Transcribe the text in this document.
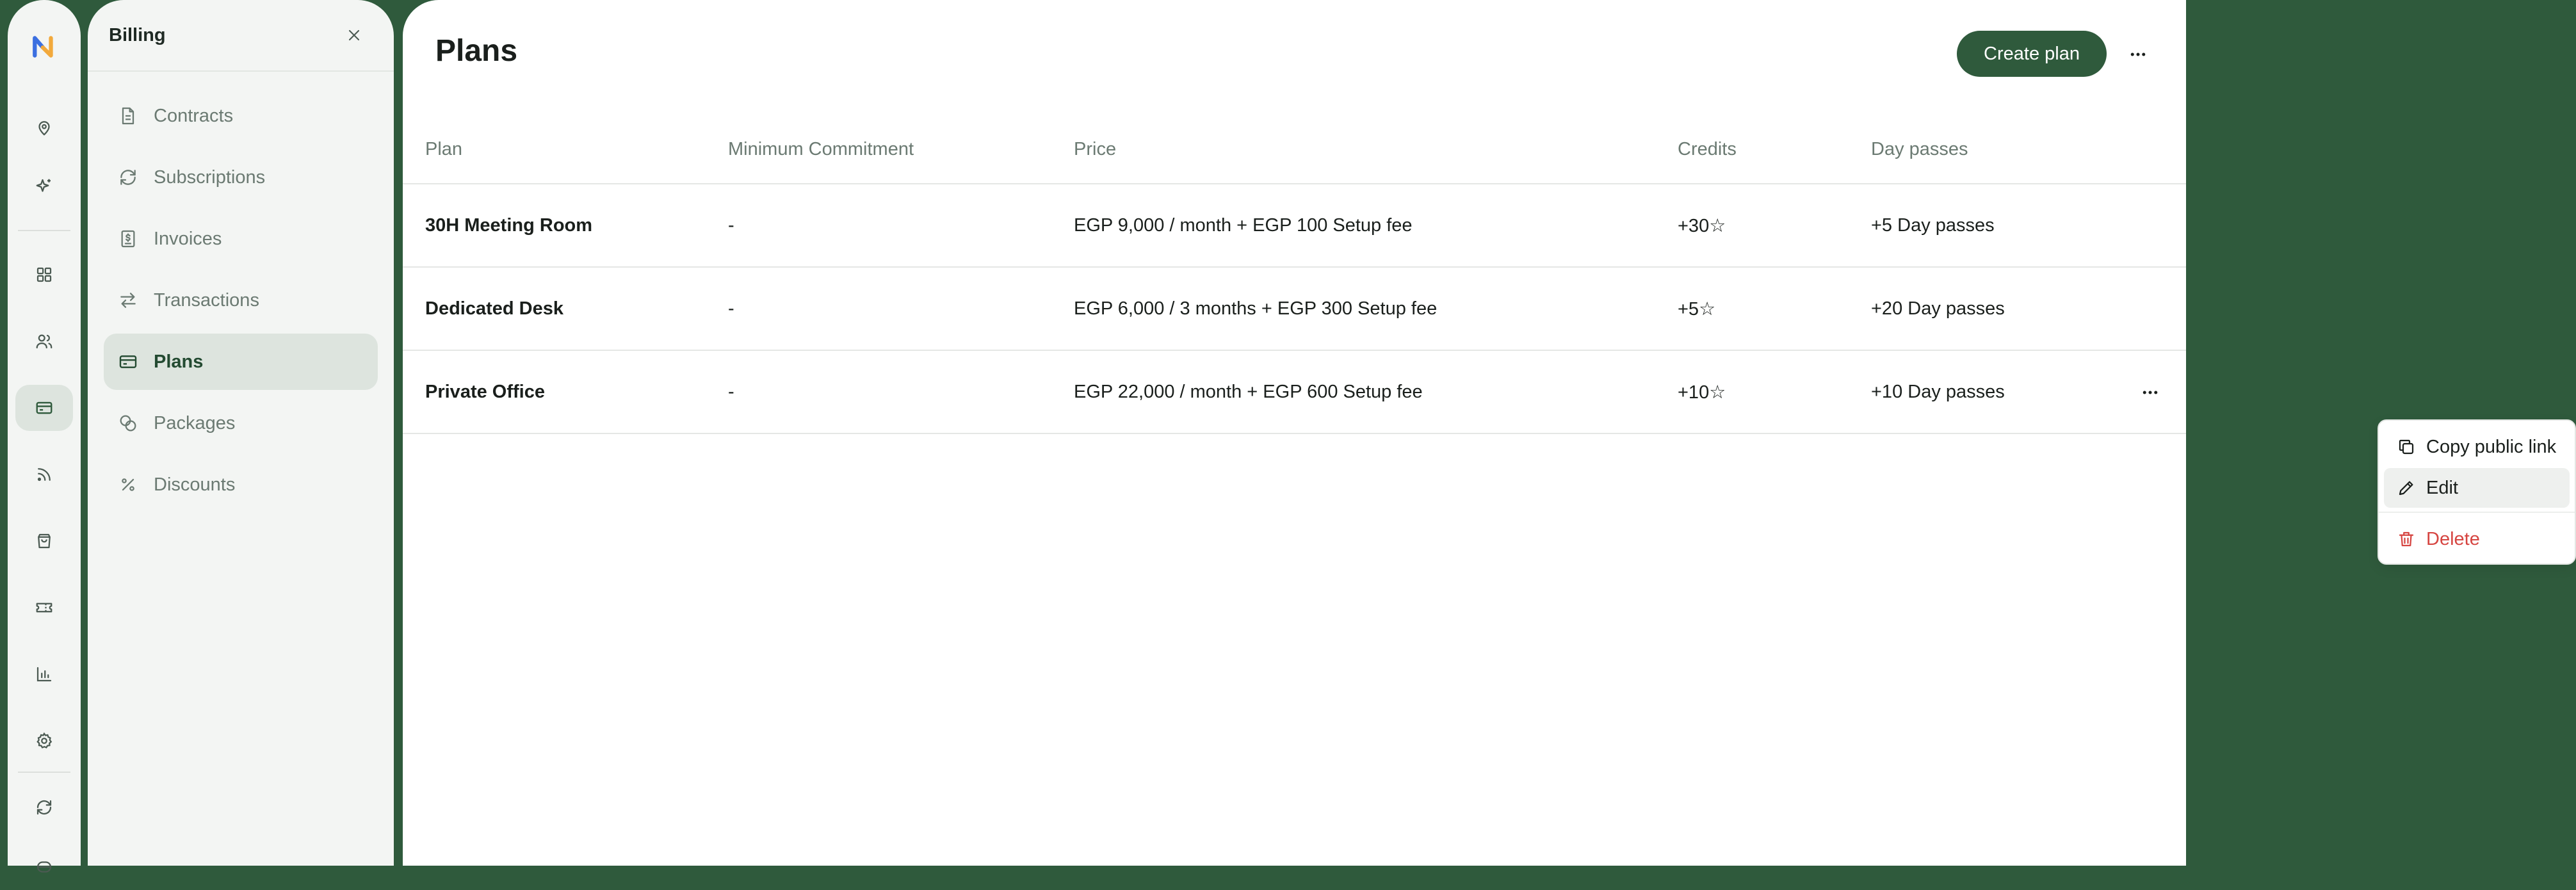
Billing
Contracts
Subscriptions
Invoices
Transactions
Plans
Packages
Discounts
Plans	Create plan
Plan	Minimum Commitment	Price	Credits	Day passes
30H Meeting Room	-	EGP 9,000 / month + EGP 100 Setup fee	+30☆	+5 Day passes
Dedicated Desk	-	EGP 6,000 / 3 months + EGP 300 Setup fee	+5☆	+20 Day passes
Private Office	-	EGP 22,000 / month + EGP 600 Setup fee	+10☆	+10 Day passes
Copy public link
Edit
Delete
